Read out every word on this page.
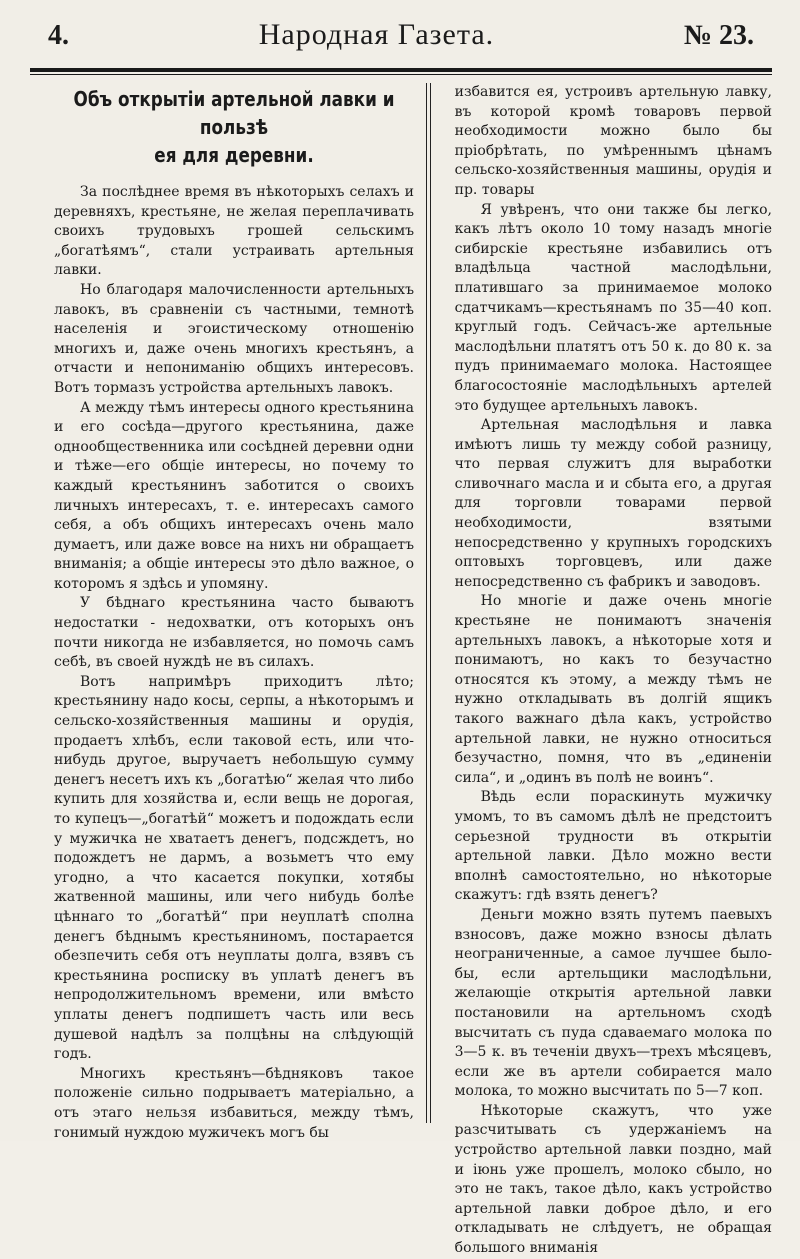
4.	Народная Газета.	№ 23.
Объ открытiи артельной лавки и пользѣ
ея для деревни.

За послѣднее время въ нѣкоторыхъ селахъ и деревняхъ, крестьяне, не желая переплачивать своихъ трудовыхъ грошей сельскимъ „богатѣямъ“, стали устраивать артельныя лавки.

Но благодаря малочисленности артельныхъ лавокъ, въ сравненiи съ частными, темнотѣ населенiя и эгоистическому отношенiю многихъ и, даже очень многихъ крестьянъ, а отчасти и непониманiю общихъ интересовъ. Вотъ тормазъ устройства артельныхъ лавокъ.

А между тѣмъ интересы одного крестьянина и его сосѣда—другого крестьянина, даже однообщественника или сосѣдней деревни одни и тѣже—его общiе интересы, но почему то каждый крестьянинъ заботится о своихъ личныхъ интересахъ, т. е. интересахъ самого себя, а объ общихъ интересахъ очень мало думаетъ, или даже вовсе на нихъ ни обращаетъ вниманiя; а общiе интересы это дѣло важное, о которомъ я здѣсь и упомяну.

У бѣднаго крестьянина часто бываютъ недостатки - недохватки, отъ которыхъ онъ почти никогда не избавляется, но помочь самъ себѣ, въ своей нуждѣ не въ силахъ.

Вотъ напримѣръ приходитъ лѣто; крестьянину надо косы, серпы, а нѣкоторымъ и сельско-хозяйственныя машины и орудiя, продаетъ хлѣбъ, если таковой есть, или что-нибудь другое, выручаетъ небольшую сумму денегъ несетъ ихъ къ „богатѣю“ желая что либо купить для хозяйства и, если вещь не дорогая, то купецъ—„богатѣй“ можетъ и подождать если у мужичка не хватаетъ денегъ, подсждетъ, но подождетъ не дармъ, а возьметъ что ему угодно, а что касается покупки, хотябы жатвенной машины, или чего нибудь болѣе цѣннаго то „богатѣй“ при неуплатѣ сполна денегъ бѣднымъ крестьяниномъ, постарается обезпечить себя отъ неуплаты долга, взявъ съ крестьянина росписку въ уплатѣ денегъ въ непродолжительномъ времени, или вмѣсто уплаты денегъ подпишетъ часть или весь душевой надѣлъ за полцѣны на слѣдующiй годъ.

Многихъ крестьянъ—бѣдняковъ такое положенiе сильно подрываетъ матерiально, а отъ этаго нельзя избавиться, между тѣмъ, гонимый нуждою мужичекъ могъ бы

избавится ея, устроивъ артельную лавку, въ которой кромѣ товаровъ первой необходимости можно было бы прiобрѣтать, по умѣреннымъ цѣнамъ сельско-хозяйственныя машины, орудiя и пр. товары

Я увѣренъ, что они также бы легко, какъ лѣтъ около 10 тому назадъ многiе сибирскiе крестьяне избавились отъ владѣльца частной маслодѣльни, платившаго за принимаемое молоко сдатчикамъ—крестьянамъ по 35—40 коп. круглый годъ. Сейчасъ-же артельные маслодѣльни платятъ отъ 50 к. до 80 к. за пудъ принимаемаго молока. Настоящее благосостоянiе маслодѣльныхъ артелей это будущее артельныхъ лавокъ.

Артельная маслодѣльня и лавка имѣютъ лишь ту между собой разницу, что первая служитъ для выработки сливочнаго масла и и сбыта его, а другая для торговли товарами первой необходимости, взятыми непосредственно у крупныхъ городскихъ оптовыхъ торговцевъ, или даже непосредственно съ фабрикъ и заводовъ.

Но многiе и даже очень многiе крестьяне не понимаютъ значенiя артельныхъ лавокъ, а нѣкоторые хотя и понимаютъ, но какъ то безучастно относятся къ этому, а между тѣмъ не нужно откладывать въ долгiй ящикъ такого важнаго дѣла какъ, устройство артельной лавки, не нужно относиться безучастно, помня, что въ „единенiи сила“, и „одинъ въ полѣ не воинъ“.

Вѣдь если пораскинуть мужичку умомъ, то въ самомъ дѣлѣ не предстоитъ серьезной трудности въ открытiи артельной лавки. Дѣло можно вести вполнѣ самостоятельно, но нѣкоторые скажутъ: гдѣ взять денегъ?

Деньги можно взять путемъ паевыхъ взносовъ, даже можно взносы дѣлать неограниченные, а самое лучшее было-бы, если артельщики маслодѣльни, желающiе открытiя артельной лавки постановили на артельномъ сходѣ высчитать съ пуда сдаваемаго молока по 3—5 к. въ теченiи двухъ—трехъ мѣсяцевъ, если же въ артели собирается мало молока, то можно высчитать по 5—7 коп.

Нѣкоторые скажутъ, что уже разсчитывать съ удержанiемъ на устройство артельной лавки поздно, май и iюнь уже прошелъ, молоко сбыло, но это не такъ, такое дѣло, какъ устройство артельной лавки доброе дѣло, и его откладывать не слѣдуетъ, не обращая большого вниманiя
